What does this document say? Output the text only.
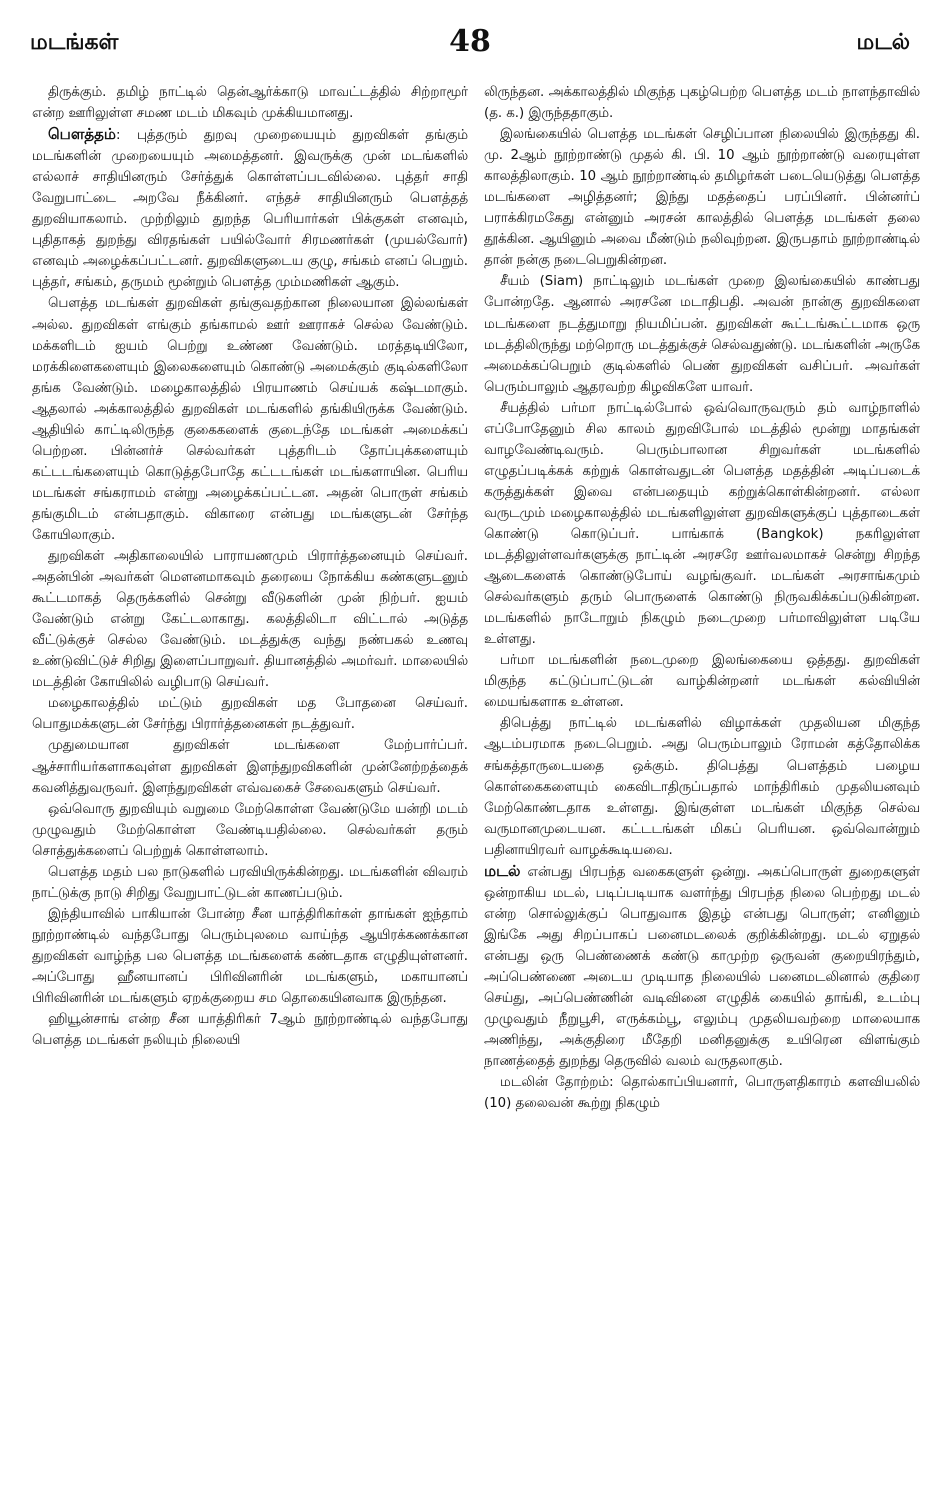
மடங்கள்	48	மடல்

திருக்கும். தமிழ் நாட்டில் தென்ஆர்க்காடு மாவட்டத்தில் சிற்றாமூர் என்ற ஊரிலுள்ள சமண மடம் மிகவும் முக்கியமானது.

பௌத்தம்: புத்தரும் துறவு முறையையும் துறவிகள் தங்கும் மடங்களின் முறையையும் அமைத்தனர். இவருக்கு முன் மடங்களில் எல்லாச் சாதியினரும் சேர்த்துக் கொள்ளப்படவில்லை. புத்தர் சாதி வேறுபாட்டை அறவே நீக்கினர். எந்தச் சாதியினரும் பௌத்தத் துறவியாகலாம். முற்றிலும் துறந்த பெரியார்கள் பிக்குகள் எனவும், புதிதாகத் துறந்து விரதங்கள் பயில்வோர் சிரமணர்கள் (முயல்வோர்) எனவும் அழைக்கப்பட்டனர். துறவிகளுடைய குழு, சங்கம் எனப் பெறும். புத்தர், சங்கம், தருமம் மூன்றும் பௌத்த மும்மணிகள் ஆகும்.

பௌத்த மடங்கள் துறவிகள் தங்குவதற்கான நிலையான இல்லங்கள் அல்ல. துறவிகள் எங்கும் தங்காமல் ஊர் ஊராகச் செல்ல வேண்டும். மக்களிடம் ஐயம் பெற்று உண்ண வேண்டும். மரத்தடியிலோ, மரக்கிளைகளையும் இலைகளையும் கொண்டு அமைக்கும் குடில்களிலோ தங்க வேண்டும். மழைகாலத்தில் பிரயாணம் செய்யக் கஷ்டமாகும். ஆதலால் அக்காலத்தில் துறவிகள் மடங்களில் தங்கியிருக்க வேண்டும். ஆதியில் காட்டிலிருந்த குகைகளைக் குடைந்தே மடங்கள் அமைக்கப் பெற்றன. பின்னர்ச் செல்வர்கள் புத்தரிடம் தோப்புக்களையும் கட்டடங்களையும் கொடுத்தபோதே கட்டடங்கள் மடங்களாயின. பெரிய மடங்கள் சங்கராமம் என்று அழைக்கப்பட்டன. அதன் பொருள் சங்கம் தங்குமிடம் என்பதாகும். விகாரை என்பது மடங்களுடன் சேர்ந்த கோயிலாகும்.

துறவிகள் அதிகாலையில் பாராயணமும் பிரார்த்தனையும் செய்வர். அதன்பின் அவர்கள் மௌனமாகவும் தரையை நோக்கிய கண்களுடனும் கூட்டமாகத் தெருக்களில் சென்று வீடுகளின் முன் நிற்பர். ஐயம் வேண்டும் என்று கேட்டலாகாது. கலத்திலிடா விட்டால் அடுத்த வீட்டுக்குச் செல்ல வேண்டும். மடத்துக்கு வந்து நண்பகல் உணவு உண்டுவிட்டுச் சிறிது இளைப்பாறுவர். தியானத்தில் அமர்வர். மாலையில் மடத்தின் கோயிலில் வழிபாடு செய்வர்.

மழைகாலத்தில் மட்டும் துறவிகள் மத போதனை செய்வர். பொதுமக்களுடன் சேர்ந்து பிரார்த்தனைகள் நடத்துவர்.

முதுமையான துறவிகள் மடங்களை மேற்பார்ப்பர். ஆச்சாரியர்களாகவுள்ள துறவிகள் இளந்துறவிகளின் முன்னேற்றத்தைக் கவனித்துவருவர். இளந்துறவிகள் எவ்வகைச் சேவைகளும் செய்வர்.

ஒவ்வொரு துறவியும் வறுமை மேற்கொள்ள வேண்டுமே யன்றி மடம் முழுவதும் மேற்கொள்ள வேண்டியதில்லை. செல்வர்கள் தரும் சொத்துக்களைப் பெற்றுக் கொள்ளலாம்.

பௌத்த மதம் பல நாடுகளில் பரவியிருக்கின்றது. மடங்களின் விவரம் நாட்டுக்கு நாடு சிறிது வேறுபாட்டுடன் காணப்படும்.

இந்தியாவில் பாகியான் போன்ற சீன யாத்திரிகர்கள் தாங்கள் ஐந்தாம் நூற்றாண்டில் வந்தபோது பெரும்புலமை வாய்ந்த ஆயிரக்கணக்கான துறவிகள் வாழ்ந்த பல பௌத்த மடங்களைக் கண்டதாக எழுதியுள்ளனர். அப்போது ஹீனயானப் பிரிவினரின் மடங்களும், மகாயானப் பிரிவினரின் மடங்களும் ஏறக்குறைய சம தொகையினவாக இருந்தன.

ஹியூன்சாங் என்ற சீன யாத்திரிகர் 7ஆம் நூற்றாண்டில் வந்தபோது பௌத்த மடங்கள் நலியும் நிலையி

லிருந்தன. அக்காலத்தில் மிகுந்த புகழ்பெற்ற பௌத்த மடம் நாளந்தாவில் (த. க.) இருந்ததாகும்.

இலங்கையில் பௌத்த மடங்கள் செழிப்பான நிலையில் இருந்தது கி. மு. 2ஆம் நூற்றாண்டு முதல் கி. பி. 10 ஆம் நூற்றாண்டு வரையுள்ள காலத்திலாகும். 10 ஆம் நூற்றாண்டில் தமிழர்கள் படையெடுத்து பௌத்த மடங்களை அழித்தனர்; இந்து மதத்தைப் பரப்பினர். பின்னர்ப் பராக்கிரமகேது என்னும் அரசன் காலத்தில் பௌத்த மடங்கள் தலை தூக்கின. ஆயினும் அவை மீண்டும் நலிவுற்றன. இருபதாம் நூற்றாண்டில் தான் நன்கு நடைபெறுகின்றன.

சீயம் (Siam) நாட்டிலும் மடங்கள் முறை இலங்கையில் காண்பது போன்றதே. ஆனால் அரசனே மடாதிபதி. அவன் நான்கு துறவிகளை மடங்களை நடத்துமாறு நியமிப்பன். துறவிகள் கூட்டங்கூட்டமாக ஒரு மடத்திலிருந்து மற்றொரு மடத்துக்குச் செல்வதுண்டு. மடங்களின் அருகே அமைக்கப்பெறும் குடில்களில் பெண் துறவிகள் வசிப்பர். அவர்கள் பெரும்பாலும் ஆதரவற்ற கிழவிகளே யாவர்.

சீயத்தில் பர்மா நாட்டில்போல் ஒவ்வொருவரும் தம் வாழ்நாளில் எப்போதேனும் சில காலம் துறவிபோல் மடத்தில் மூன்று மாதங்கள் வாழவேண்டிவரும். பெரும்பாலான சிறுவர்கள் மடங்களில் எழுதப்படிக்கக் கற்றுக் கொள்வதுடன் பௌத்த மதத்தின் அடிப்படைக் கருத்துக்கள் இவை என்பதையும் கற்றுக்கொள்கின்றனர். எல்லா வருடமும் மழைகாலத்தில் மடங்களிலுள்ள துறவிகளுக்குப் புத்தாடைகள் கொண்டு கொடுப்பர். பாங்காக் (Bangkok) நகரிலுள்ள மடத்திலுள்ளவர்களுக்கு நாட்டின் அரசரே ஊர்வலமாகச் சென்று சிறந்த ஆடைகளைக் கொண்டுபோய் வழங்குவர். மடங்கள் அரசாங்கமும் செல்வர்களும் தரும் பொருளைக் கொண்டு நிருவகிக்கப்படுகின்றன. மடங்களில் நாடோறும் நிகழும் நடைமுறை பர்மாவிலுள்ள படியே உள்ளது.

பர்மா மடங்களின் நடைமுறை இலங்கையை ஒத்தது. துறவிகள் மிகுந்த கட்டுப்பாட்டுடன் வாழ்கின்றனர் மடங்கள் கல்வியின் மையங்களாக உள்ளன.

திபெத்து நாட்டில் மடங்களில் விழாக்கள் முதலியன மிகுந்த ஆடம்பரமாக நடைபெறும். அது பெரும்பாலும் ரோமன் கத்தோலிக்க சங்கத்தாருடையதை ஒக்கும். திபெத்து பௌத்தம் பழைய கொள்கைகளையும் கைவிடாதிருப்பதால் மாந்திரிகம் முதலியனவும் மேற்கொண்டதாக உள்ளது. இங்குள்ள மடங்கள் மிகுந்த செல்வ வருமானமுடையன. கட்டடங்கள் மிகப் பெரியன. ஒவ்வொன்றும் பதினாயிரவர் வாழக்கூடியவை.

மடல் என்பது பிரபந்த வகைகளுள் ஒன்று. அகப்பொருள் துறைகளுள் ஒன்றாகிய மடல், படிப்படியாக வளர்ந்து பிரபந்த நிலை பெற்றது மடல் என்ற சொல்லுக்குப் பொதுவாக இதழ் என்பது பொருள்; எனினும் இங்கே அது சிறப்பாகப் பனைமடலைக் குறிக்கின்றது. மடல் ஏறுதல் என்பது ஒரு பெண்ணைக் கண்டு காமுற்ற ஒருவன் குறையிரந்தும், அப்பெண்ணை அடைய முடியாத நிலையில் பனைமடலினால் குதிரை செய்து, அப்பெண்ணின் வடிவினை எழுதிக் கையில் தாங்கி, உடம்பு முழுவதும் நீறுபூசி, எருக்கம்பூ, எலும்பு முதலியவற்றை மாலையாக அணிந்து, அக்குதிரை மீதேறி மனிதனுக்கு உயிரென விளங்கும் நாணத்தைத் துறந்து தெருவில் வலம் வருதலாகும்.

மடலின் தோற்றம்: தொல்காப்பியனார், பொருளதிகாரம் களவியலில் (10) தலைவன் கூற்று நிகழும்
